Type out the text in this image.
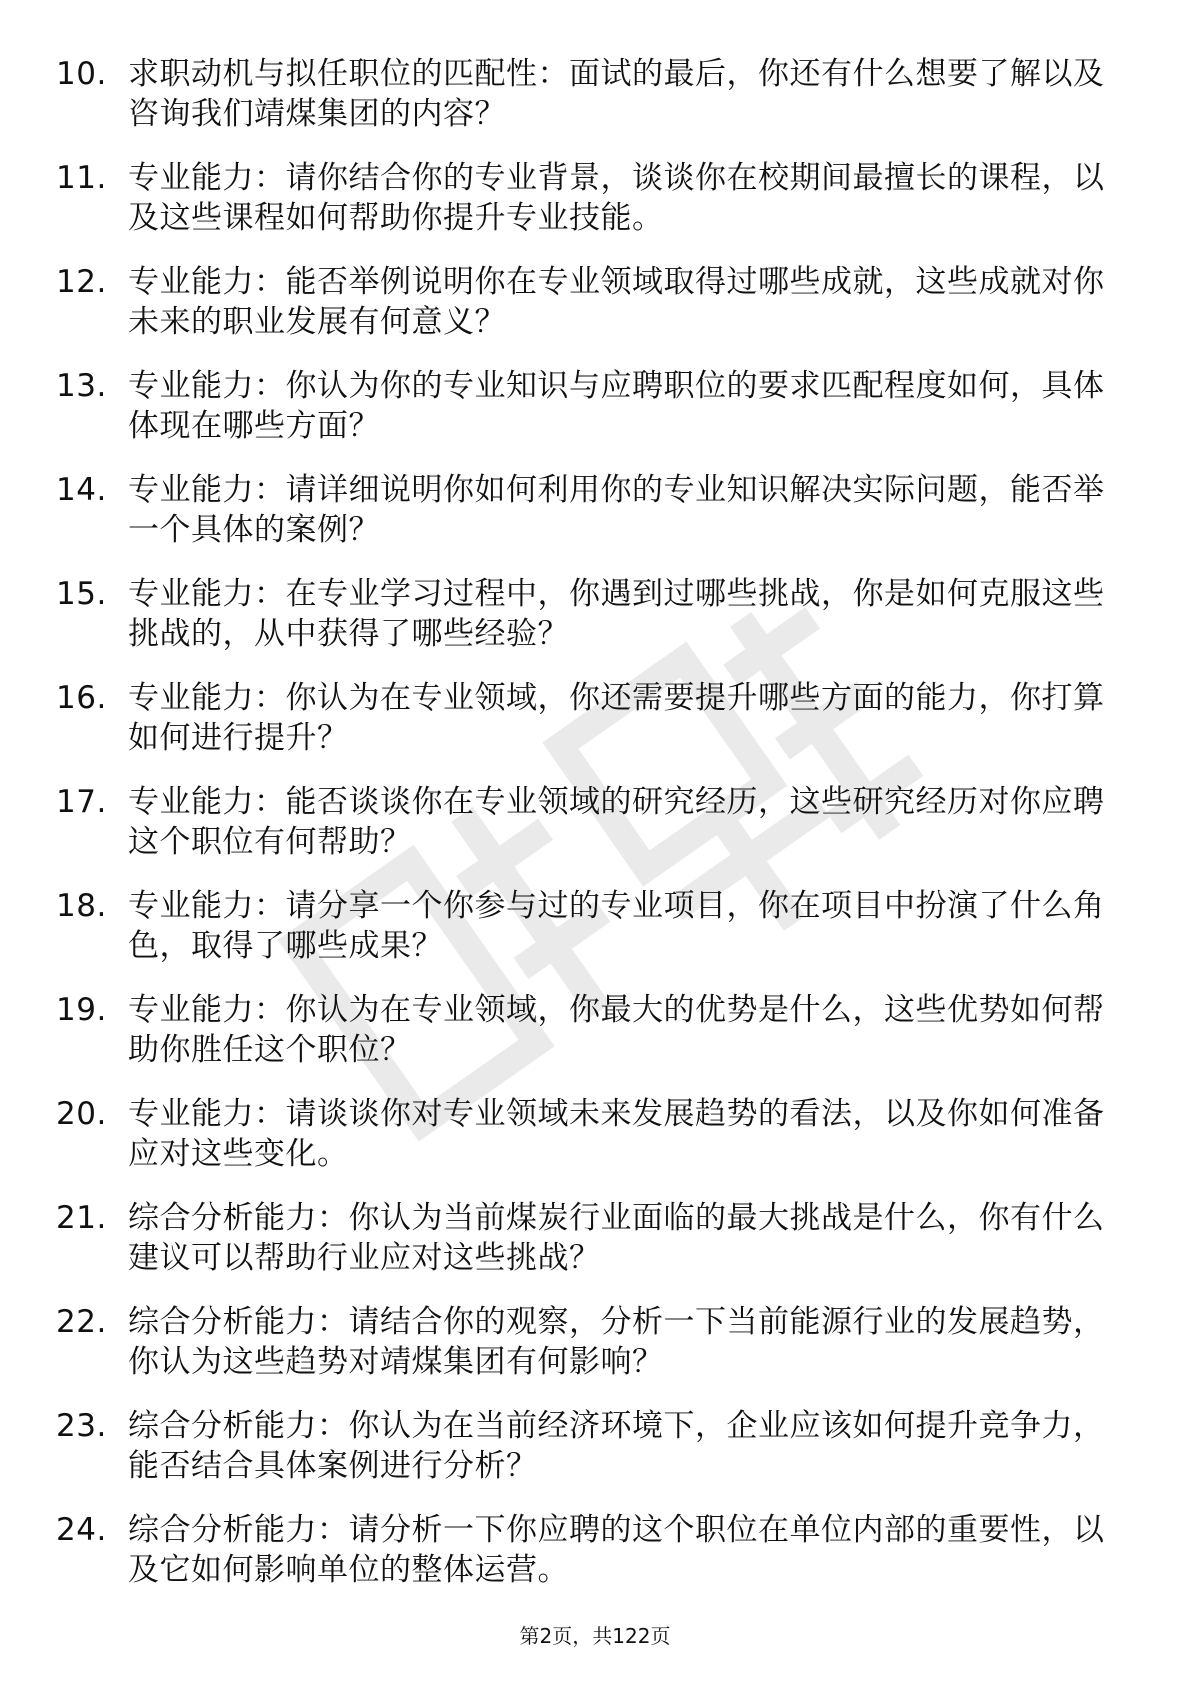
10. 求职动机与拟任职位的匹配性：面试的最后，你还有什么想要了解以及咨询我们靖煤集团的内容？
11. 专业能力：请你结合你的专业背景，谈谈你在校期间最擅长的课程，以及这些课程如何帮助你提升专业技能。
12. 专业能力：能否举例说明你在专业领域取得过哪些成就，这些成就对你未来的职业发展有何意义？
13. 专业能力：你认为你的专业知识与应聘职位的要求匹配程度如何，具体体现在哪些方面？
14. 专业能力：请详细说明你如何利用你的专业知识解决实际问题，能否举一个具体的案例？
15. 专业能力：在专业学习过程中，你遇到过哪些挑战，你是如何克服这些挑战的，从中获得了哪些经验？
16. 专业能力：你认为在专业领域，你还需要提升哪些方面的能力，你打算如何进行提升？
17. 专业能力：能否谈谈你在专业领域的研究经历，这些研究经历对你应聘这个职位有何帮助？
18. 专业能力：请分享一个你参与过的专业项目，你在项目中扮演了什么角色，取得了哪些成果？
19. 专业能力：你认为在专业领域，你最大的优势是什么，这些优势如何帮助你胜任这个职位？
20. 专业能力：请谈谈你对专业领域未来发展趋势的看法，以及你如何准备应对这些变化。
21. 综合分析能力：你认为当前煤炭行业面临的最大挑战是什么，你有什么建议可以帮助行业应对这些挑战？
22. 综合分析能力：请结合你的观察，分析一下当前能源行业的发展趋势，你认为这些趋势对靖煤集团有何影响？
23. 综合分析能力：你认为在当前经济环境下，企业应该如何提升竞争力，能否结合具体案例进行分析？
24. 综合分析能力：请分析一下你应聘的这个职位在单位内部的重要性，以及它如何影响单位的整体运营。
第2页，共122页
